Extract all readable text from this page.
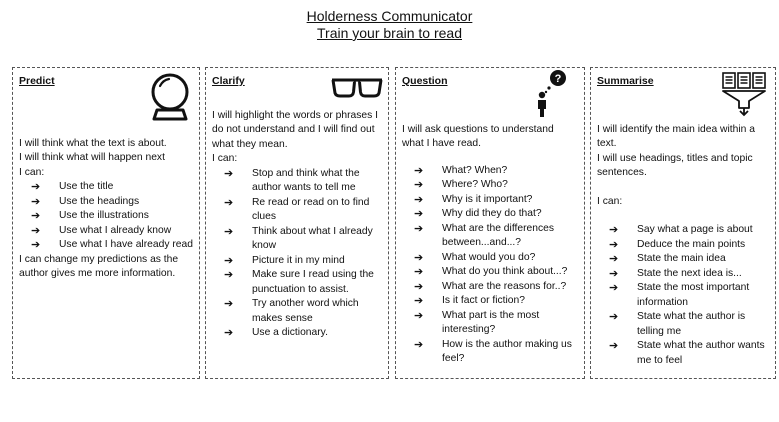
Holderness Communicator
Train your brain to read
Predict

I will think what the text is about.

I will think what will happen next

I can:

➔ Use the title
➔ Use the headings
➔ Use the illustrations
➔ Use what I already know
➔ Use what I have already read

I can change my predictions as the author gives me more information.

Clarify

I will highlight the words or phrases I do not understand and I will find out what they mean.

I can:

➔ Stop and think what the author wants to tell me
➔ Re read or read on to find clues
➔ Think about what I already know
➔ Picture it in my mind
➔ Make sure I read using the punctuation to assist.
➔ Try another word which makes sense
➔ Use a dictionary.
Question	?

I will ask questions to understand what I have read.

➔ What? When?
➔ Where? Who?
➔ Why is it important?
➔ Why did they do that?
➔ What are the differences between...and...?
➔ What would you do?
➔ What do you think about...?
➔ What are the reasons for..?
➔ Is it fact or fiction?
➔ What part is the most interesting?
➔ How is the author making us feel?
Summarise

I will identify the main idea within a text.

I will use headings, titles and topic sentences.

I can:

➔ Say what a page is about
➔ Deduce the main points
➔ State the main idea
➔ State the next idea is...
➔ State the most important information
➔ State what the author is telling me
➔ State what the author wants me to feel
